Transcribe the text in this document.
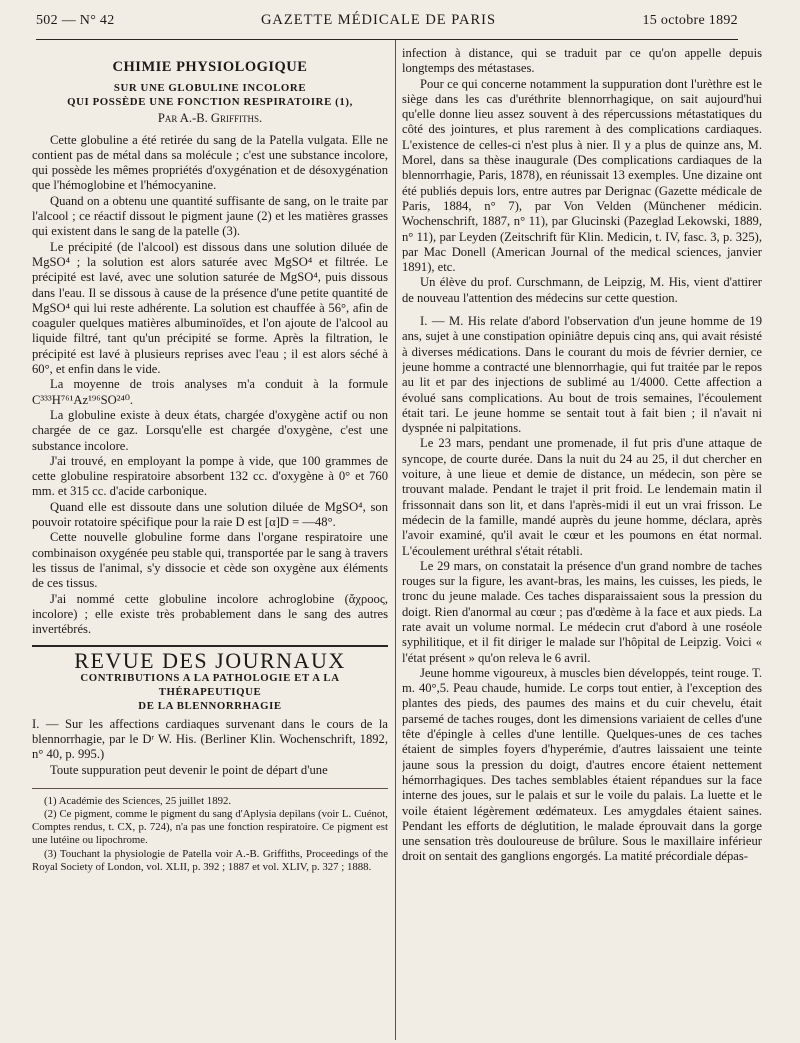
502 — N° 42	GAZETTE MÉDICALE DE PARIS	15 octobre 1892
CHIMIE PHYSIOLOGIQUE
SUR UNE GLOBULINE INCOLORE
QUI POSSÈDE UNE FONCTION RESPIRATOIRE (1),
Par A.-B. Griffiths.

Cette globuline a été retirée du sang de la Patella vulgata. Elle ne contient pas de métal dans sa molécule ; c'est une substance incolore, qui possède les mêmes propriétés d'oxygénation et de désoxygénation que l'hémoglobine et l'hémocyanine.

Quand on a obtenu une quantité suffisante de sang, on le traite par l'alcool ; ce réactif dissout le pigment jaune (2) et les matières grasses qui existent dans le sang de la patelle (3).

Le précipité (de l'alcool) est dissous dans une solution diluée de MgSO⁴ ; la solution est alors saturée avec MgSO⁴ et filtrée. Le précipité est lavé, avec une solution saturée de MgSO⁴, puis dissous dans l'eau. Il se dissous à cause de la présence d'une petite quantité de MgSO⁴ qui lui reste adhérente. La solution est chauffée à 56°, afin de coaguler quelques matières albuminoïdes, et l'on ajoute de l'alcool au liquide filtré, tant qu'un précipité se forme. Après la filtration, le précipité est lavé à plusieurs reprises avec l'eau ; il est alors séché à 60°, et enfin dans le vide.

La moyenne de trois analyses m'a conduit à la formule C³³³H⁷⁶¹Az¹⁹⁶SO²⁴⁰.

La globuline existe à deux états, chargée d'oxygène actif ou non chargée de ce gaz. Lorsqu'elle est chargée d'oxygène, c'est une substance incolore.

J'ai trouvé, en employant la pompe à vide, que 100 grammes de cette globuline respiratoire absorbent 132 cc. d'oxygène à 0° et 760 mm. et 315 cc. d'acide carbonique.

Quand elle est dissoute dans une solution diluée de MgSO⁴, son pouvoir rotatoire spécifique pour la raie D est [α]D = —48°.

Cette nouvelle globuline forme dans l'organe respiratoire une combinaison oxygénée peu stable qui, transportée par le sang à travers les tissus de l'animal, s'y dissocie et cède son oxygène aux éléments de ces tissus.

J'ai nommé cette globuline incolore achroglobine (ἄχροος, incolore) ; elle existe très probablement dans le sang des autres invertébrés.

REVUE DES JOURNAUX
CONTRIBUTIONS A LA PATHOLOGIE ET A LA THÉRAPEUTIQUE
DE LA BLENNORRHAGIE

I. — Sur les affections cardiaques survenant dans le cours de la blennorrhagie, par le Dʳ W. His. (Berliner Klin. Wochenschrift, 1892, n° 40, p. 995.)

Toute suppuration peut devenir le point de départ d'une

(1) Académie des Sciences, 25 juillet 1892.

(2) Ce pigment, comme le pigment du sang d'Aplysia depilans (voir L. Cuénot, Comptes rendus, t. CX, p. 724), n'a pas une fonction respiratoire. Ce pigment est une lutéine ou lipochrome.

(3) Touchant la physiologie de Patella voir A.-B. Griffiths, Proceedings of the Royal Society of London, vol. XLII, p. 392 ; 1887 et vol. XLIV, p. 327 ; 1888.

infection à distance, qui se traduit par ce qu'on appelle depuis longtemps des métastases.

Pour ce qui concerne notamment la suppuration dont l'urèthre est le siège dans les cas d'uréthrite blennorrhagique, on sait aujourd'hui qu'elle donne lieu assez souvent à des répercussions métastatiques du côté des jointures, et plus rarement à des complications cardiaques. L'existence de celles-ci n'est plus à nier. Il y a plus de quinze ans, M. Morel, dans sa thèse inaugurale (Des complications cardiaques de la blennorrhagie, Paris, 1878), en réunissait 13 exemples. Une dizaine ont été publiés depuis lors, entre autres par Derignac (Gazette médicale de Paris, 1884, n° 7), par Von Velden (Münchener médicin. Wochenschrift, 1887, n° 11), par Glucinski (Pazeglad Lekowski, 1889, n° 11), par Leyden (Zeitschrift für Klin. Medicin, t. IV, fasc. 3, p. 325), par Mac Donell (American Journal of the medical sciences, janvier 1891), etc.

Un élève du prof. Curschmann, de Leipzig, M. His, vient d'attirer de nouveau l'attention des médecins sur cette question.

I. — M. His relate d'abord l'observation d'un jeune homme de 19 ans, sujet à une constipation opiniâtre depuis cinq ans, qui avait résisté à diverses médications. Dans le courant du mois de février dernier, ce jeune homme a contracté une blennorrhagie, qui fut traitée par le repos au lit et par des injections de sublimé au 1/4000. Cette affection a évolué sans complications. Au bout de trois semaines, l'écoulement était tari. Le jeune homme se sentait tout à fait bien ; il n'avait ni dyspnée ni palpitations.

Le 23 mars, pendant une promenade, il fut pris d'une attaque de syncope, de courte durée. Dans la nuit du 24 au 25, il dut chercher en voiture, à une lieue et demie de distance, un médecin, son père se trouvant malade. Pendant le trajet il prit froid. Le lendemain matin il frissonnait dans son lit, et dans l'après-midi il eut un vrai frisson. Le médecin de la famille, mandé auprès du jeune homme, déclara, après l'avoir examiné, qu'il avait le cœur et les poumons en état normal. L'écoulement uréthral s'était rétabli.

Le 29 mars, on constatait la présence d'un grand nombre de taches rouges sur la figure, les avant-bras, les mains, les cuisses, les pieds, le tronc du jeune malade. Ces taches disparaissaient sous la pression du doigt. Rien d'anormal au cœur ; pas d'œdème à la face et aux pieds. La rate avait un volume normal. Le médecin crut d'abord à une roséole syphilitique, et il fit diriger le malade sur l'hôpital de Leipzig. Voici « l'état présent » qu'on releva le 6 avril.

Jeune homme vigoureux, à muscles bien développés, teint rouge. T. m. 40°,5. Peau chaude, humide. Le corps tout entier, à l'exception des plantes des pieds, des paumes des mains et du cuir chevelu, était parsemé de taches rouges, dont les dimensions variaient de celles d'une tête d'épingle à celles d'une lentille. Quelques-unes de ces taches étaient de simples foyers d'hyperémie, d'autres laissaient une teinte jaune sous la pression du doigt, d'autres encore étaient nettement hémorrhagiques. Des taches semblables étaient répandues sur la face interne des joues, sur le palais et sur le voile du palais. La luette et le voile étaient légèrement œdémateux. Les amygdales étaient saines. Pendant les efforts de déglutition, le malade éprouvait dans la gorge une sensation très douloureuse de brûlure. Sous le maxillaire inférieur droit on sentait des ganglions engorgés. La matité précordiale dépas-
